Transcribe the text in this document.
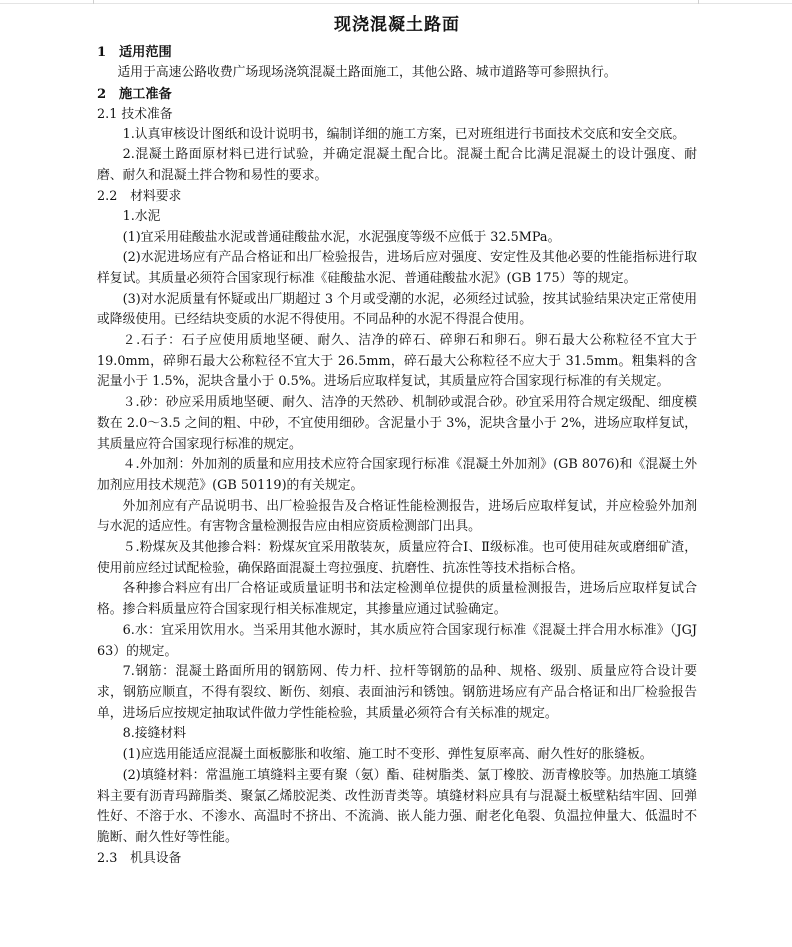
现浇混凝土路面
1 适用范围
适用于高速公路收费广场现场浇筑混凝土路面施工，其他公路、城市道路等可参照执行。
2 施工准备
2.1 技术准备
1.认真审核设计图纸和设计说明书，编制详细的施工方案，已对班组进行书面技术交底和安全交底。
2.混凝土路面原材料已进行试验，并确定混凝土配合比。混凝土配合比满足混凝土的设计强度、耐磨、耐久和混凝土拌合物和易性的要求。
2.2　材料要求
1.水泥
(1)宜采用硅酸盐水泥或普通硅酸盐水泥，水泥强度等级不应低于 32.5MPa。
(2)水泥进场应有产品合格证和出厂检验报告，进场后应对强度、安定性及其他必要的性能指标进行取样复试。其质量必须符合国家现行标准《硅酸盐水泥、普通硅酸盐水泥》(GB 175）等的规定。
(3)对水泥质量有怀疑或出厂期超过 3 个月或受潮的水泥，必须经过试验，按其试验结果决定正常使用或降级使用。已经结块变质的水泥不得使用。不同品种的水泥不得混合使用。
２.石子：石子应使用质地坚硬、耐久、洁净的碎石、碎卵石和卵石。卵石最大公称粒径不宜大于 19.0mm，碎卵石最大公称粒径不宜大于 26.5mm，碎石最大公称粒径不应大于 31.5mm。粗集料的含泥量小于 1.5%，泥块含量小于 0.5%。进场后应取样复试，其质量应符合国家现行标准的有关规定。
３.砂：砂应采用质地坚硬、耐久、洁净的天然砂、机制砂或混合砂。砂宜采用符合规定级配、细度模数在 2.0～3.5 之间的粗、中砂，不宜使用细砂。含泥量小于 3%，泥块含量小于 2%，进场应取样复试，其质量应符合国家现行标准的规定。
４.外加剂：外加剂的质量和应用技术应符合国家现行标准《混凝土外加剂》(GB 8076)和《混凝土外加剂应用技术规范》(GB 50119)的有关规定。
外加剂应有产品说明书、出厂检验报告及合格证性能检测报告，进场后应取样复试，并应检验外加剂与水泥的适应性。有害物含量检测报告应由相应资质检测部门出具。
５.粉煤灰及其他掺合料：粉煤灰宜采用散装灰，质量应符合Ⅰ、Ⅱ级标准。也可使用硅灰或磨细矿渣，使用前应经过试配检验，确保路面混凝土弯拉强度、抗磨性、抗冻性等技术指标合格。
各种掺合料应有出厂合格证或质量证明书和法定检测单位提供的质量检测报告，进场后应取样复试合格。掺合料质量应符合国家现行相关标准规定，其掺量应通过试验确定。
6.水：宜采用饮用水。当采用其他水源时，其水质应符合国家现行标准《混凝土拌合用水标准》（JGJ 63）的规定。
7.钢筋：混凝土路面所用的钢筋网、传力杆、拉杆等钢筋的品种、规格、级别、质量应符合设计要求，钢筋应顺直，不得有裂纹、断伤、刻痕、表面油污和锈蚀。钢筋进场应有产品合格证和出厂检验报告单，进场后应按规定抽取试件做力学性能检验，其质量必须符合有关标准的规定。
8.接缝材料
(1)应选用能适应混凝土面板膨胀和收缩、施工时不变形、弹性复原率高、耐久性好的胀缝板。
(2)填缝材料：常温施工填缝料主要有聚（氨）酯、硅树脂类、氯丁橡胶、沥青橡胶等。加热施工填缝料主要有沥青玛蹄脂类、聚氯乙烯胶泥类、改性沥青类等。填缝材料应具有与混凝土板壁粘结牢固、回弹性好、不溶于水、不渗水、高温时不挤出、不流淌、嵌人能力强、耐老化龟裂、负温拉伸量大、低温时不脆断、耐久性好等性能。
2.3　机具设备
